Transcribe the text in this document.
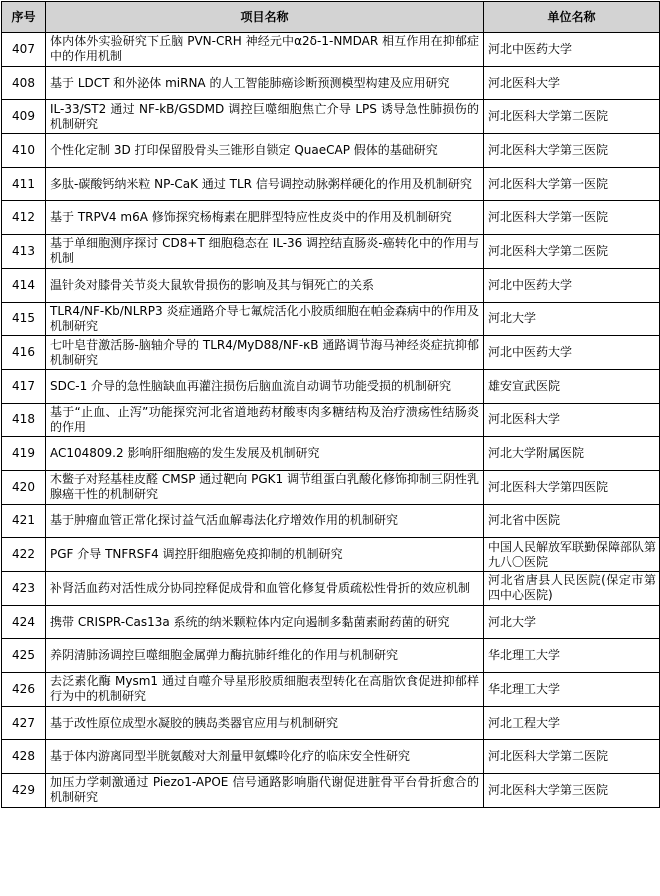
序号	项目名称	单位名称
407	体内体外实验研究下丘脑 PVN-CRH 神经元中α2δ-1-NMDAR 相互作用在抑郁症中的作用机制	河北中医药大学
408	基于 LDCT 和外泌体 miRNA 的人工智能肺癌诊断预测模型构建及应用研究	河北医科大学
409	IL-33/ST2 通过 NF-kB/GSDMD 调控巨噬细胞焦亡介导 LPS 诱导急性肺损伤的机制研究	河北医科大学第二医院
410	个性化定制 3D 打印保留股骨头三锥形自锁定 QuaeCAP 假体的基础研究	河北医科大学第三医院
411	多肽-碳酸钙纳米粒 NP-CaK 通过 TLR 信号调控动脉粥样硬化的作用及机制研究	河北医科大学第一医院
412	基于 TRPV4 m6A 修饰探究杨梅素在肥胖型特应性皮炎中的作用及机制研究	河北医科大学第一医院
413	基于单细胞测序探讨 CD8+T 细胞稳态在 IL-36 调控结直肠炎-癌转化中的作用与机制	河北医科大学第二医院
414	温针灸对膝骨关节炎大鼠软骨损伤的影响及其与铜死亡的关系	河北中医药大学
415	TLR4/NF-Kb/NLRP3 炎症通路介导七氟烷活化小胶质细胞在帕金森病中的作用及机制研究	河北大学
416	七叶皂苷激活肠-脑轴介导的 TLR4/MyD88/NF-κB 通路调节海马神经炎症抗抑郁机制研究	河北中医药大学
417	SDC-1 介导的急性脑缺血再灌注损伤后脑血流自动调节功能受损的机制研究	雄安宣武医院
418	基于“止血、止泻”功能探究河北省道地药材酸枣肉多糖结构及治疗溃疡性结肠炎的作用	河北医科大学
419	AC104809.2 影响肝细胞癌的发生发展及机制研究	河北大学附属医院
420	木鳖子对羟基桂皮醛 CMSP 通过靶向 PGK1 调节组蛋白乳酸化修饰抑制三阴性乳腺癌干性的机制研究	河北医科大学第四医院
421	基于肿瘤血管正常化探讨益气活血解毒法化疗增效作用的机制研究	河北省中医院
422	PGF 介导 TNFRSF4 调控肝细胞癌免疫抑制的机制研究	中国人民解放军联勤保障部队第九八〇医院
423	补肾活血药对活性成分协同控释促成骨和血管化修复骨质疏松性骨折的效应机制	河北省唐县人民医院(保定市第四中心医院)
424	携带 CRISPR-Cas13a 系统的纳米颗粒体内定向遏制多黏菌素耐药菌的研究	河北大学
425	养阴清肺汤调控巨噬细胞金属弹力酶抗肺纤维化的作用与机制研究	华北理工大学
426	去泛素化酶 Mysm1 通过自噬介导星形胶质细胞表型转化在高脂饮食促进抑郁样行为中的机制研究	华北理工大学
427	基于改性原位成型水凝胶的胰岛类器官应用与机制研究	河北工程大学
428	基于体内游离同型半胱氨酸对大剂量甲氨蝶呤化疗的临床安全性研究	河北医科大学第二医院
429	加压力学刺激通过 Piezo1-APOE 信号通路影响脂代谢促进脏骨平台骨折愈合的机制研究	河北医科大学第三医院
